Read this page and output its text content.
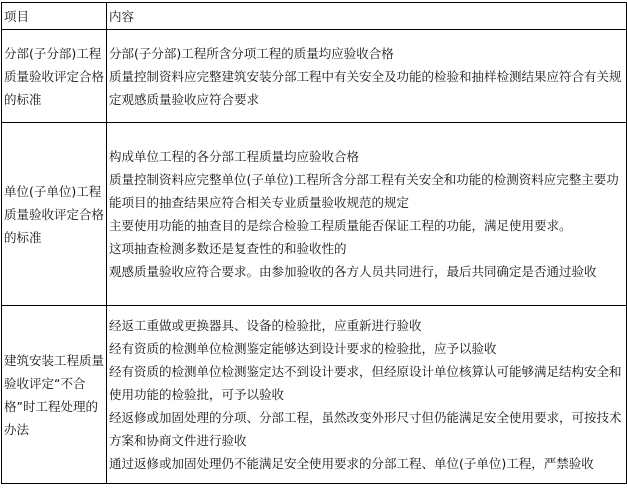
项目	内容
分部(子分部)工程质量验收评定合格的标准	分部(子分部)工程所含分项工程的质量均应验收合格
质量控制资料应完整建筑安装分部工程中有关安全及功能的检验和抽样检测结果应符合有关规定观感质量验收应符合要求

单位(子单位)工程质量验收评定合格的标准	构成单位工程的各分部工程质量均应验收合格
质量控制资料应完整单位(子单位)工程所含分部工程有关安全和功能的检测资料应完整主要功能项目的抽查结果应符合相关专业质量验收规范的规定
主要使用功能的抽查目的是综合检验工程质量能否保证工程的功能，满足使用要求。
这项抽查检测多数还是复查性的和验收性的
观感质量验收应符合要求。由参加验收的各方人员共同进行，最后共同确定是否通过验收

建筑安装工程质量验收评定“不合格”时工程处理的办法	经返工重做或更换器具、设备的检验批，应重新进行验收
经有资质的检测单位检测鉴定能够达到设计要求的检验批，应予以验收
经有资质的检测单位检测鉴定达不到设计要求，但经原设计单位核算认可能够满足结构安全和使用功能的检验批，可予以验收
经返修或加固处理的分项、分部工程，虽然改变外形尺寸但仍能满足安全使用要求，可按技术方案和协商文件进行验收
通过返修或加固处理仍不能满足安全使用要求的分部工程、单位(子单位)工程，严禁验收
